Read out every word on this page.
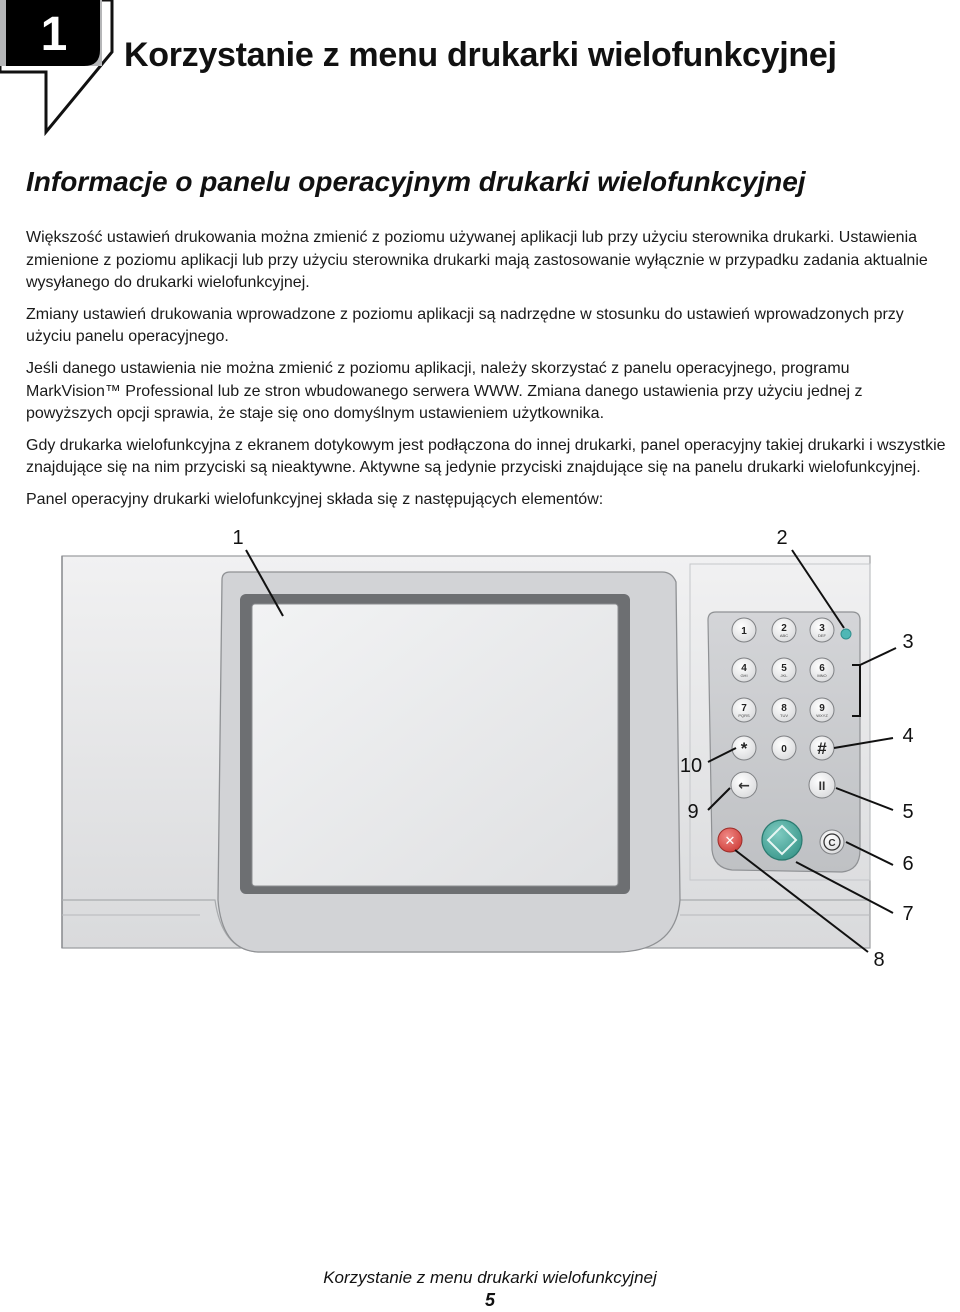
1 Korzystanie z menu drukarki wielofunkcyjnej
Informacje o panelu operacyjnym drukarki wielofunkcyjnej

Większość ustawień drukowania można zmienić z poziomu używanej aplikacji lub przy użyciu sterownika drukarki. Ustawienia zmienione z poziomu aplikacji lub przy użyciu sterownika drukarki mają zastosowanie wyłącznie w przypadku zadania aktualnie wysyłanego do drukarki wielofunkcyjnej.

Zmiany ustawień drukowania wprowadzone z poziomu aplikacji są nadrzędne w stosunku do ustawień wprowadzonych przy użyciu panelu operacyjnego.

Jeśli danego ustawienia nie można zmienić z poziomu aplikacji, należy skorzystać z panelu operacyjnego, programu MarkVision™ Professional lub ze stron wbudowanego serwera WWW. Zmiana danego ustawienia przy użyciu jednej z powyższych opcji sprawia, że staje się ono domyślnym ustawieniem użytkownika.

Gdy drukarka wielofunkcyjna z ekranem dotykowym jest podłączona do innej drukarki, panel operacyjny takiej drukarki i wszystkie znajdujące się na nim przyciski są nieaktywne. Aktywne są jedynie przyciski znajdujące się na panelu drukarki wielofunkcyjnej.

Panel operacyjny drukarki wielofunkcyjnej składa się z następujących elementów:

1	2
ABC
3
DEF
4
GHI
5
JKL
6
MNO
7
PQRS
8
TUV
9
WXYZ
*	0 #
←	II
✕	C
1	2
3
4
5
6
7
8
9
10
Korzystanie z menu drukarki wielofunkcyjnej
5
